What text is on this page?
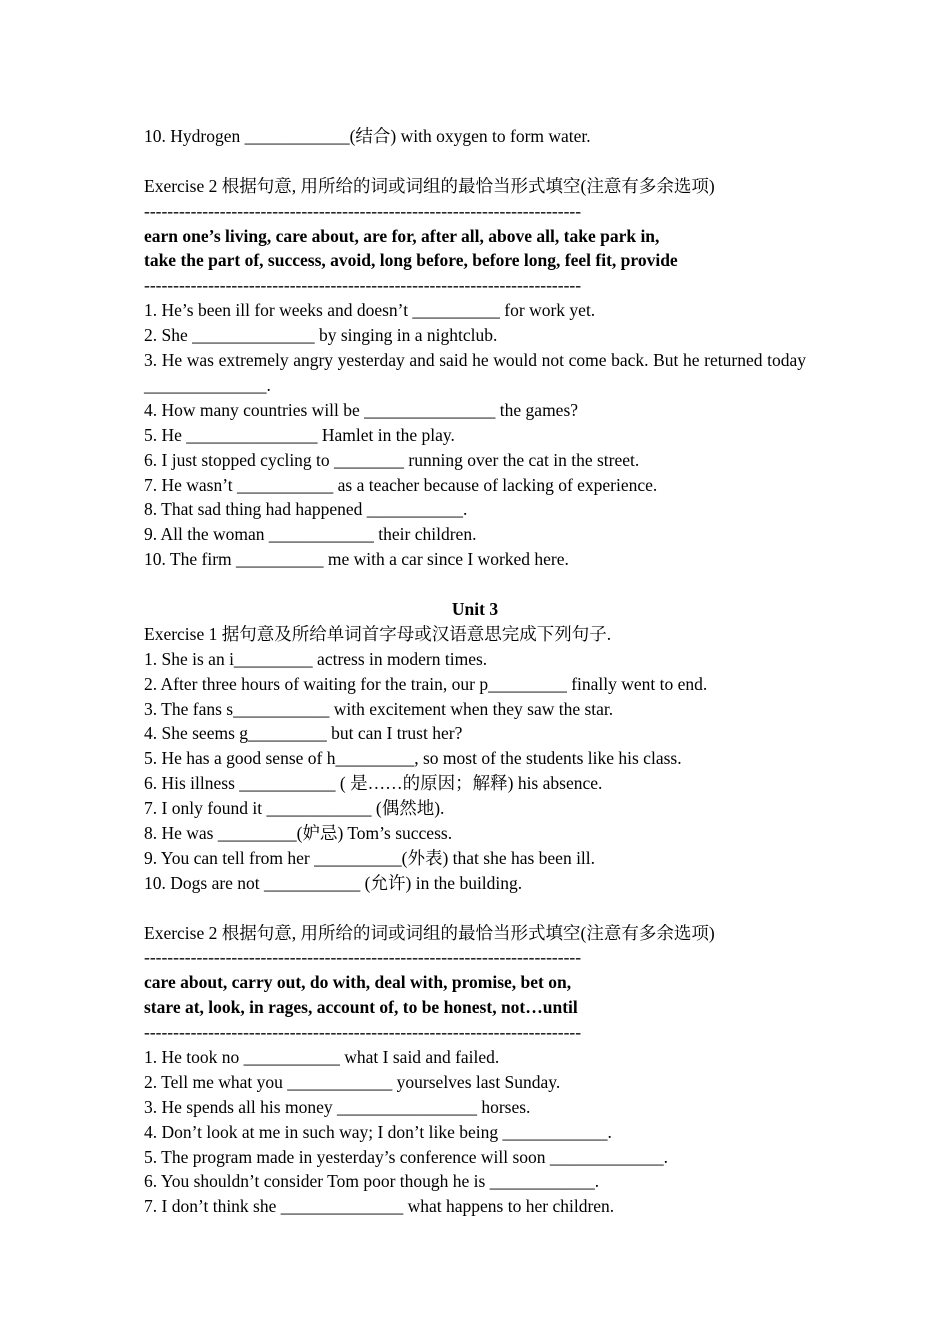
10. Hydrogen ____________(结合) with oxygen to form water.
Exercise 2 根据句意, 用所给的词或词组的最恰当形式填空(注意有多余选项)
---------------------------------------------------------------------------
earn one’s living, care about, are for, after all, above all, take park in,
take the part of, success, avoid, long before, before long, feel fit, provide
---------------------------------------------------------------------------
1. He’s been ill for weeks and doesn’t __________ for work yet.
2. She ______________ by singing in a nightclub.
3. He was extremely angry yesterday and said he would not come back. But he returned today ______________.
4. How many countries will be _______________ the games?
5. He _______________ Hamlet in the play.
6. I just stopped cycling to ________ running over the cat in the street.
7. He wasn’t ___________ as a teacher because of lacking of experience.
8. That sad thing had happened ___________.
9. All the woman ____________ their children.
10. The firm __________ me with a car since I worked here.
Unit 3
Exercise 1 据句意及所给单词首字母或汉语意思完成下列句子.
1. She is an i_________ actress in modern times.
2. After three hours of waiting for the train, our p_________ finally went to end.
3. The fans s___________ with excitement when they saw the star.
4. She seems g_________ but can I trust her?
5. He has a good sense of h_________, so most of the students like his class.
6. His illness ___________ ( 是……的原因；解释) his absence.
7. I only found it ____________ (偶然地).
8. He was _________(妒忌) Tom’s success.
9. You can tell from her __________(外表) that she has been ill.
10. Dogs are not ___________ (允许) in the building.
Exercise 2 根据句意, 用所给的词或词组的最恰当形式填空(注意有多余选项)
---------------------------------------------------------------------------
care about, carry out, do with, deal with, promise, bet on,
stare at, look, in rages, account of, to be honest, not…until
---------------------------------------------------------------------------
1. He took no ___________ what I said and failed.
2. Tell me what you ____________ yourselves last Sunday.
3. He spends all his money ________________ horses.
4. Don’t look at me in such way; I don’t like being ____________.
5. The program made in yesterday’s conference will soon _____________.
6. You shouldn’t consider Tom poor though he is ____________.
7. I don’t think she ______________ what happens to her children.
